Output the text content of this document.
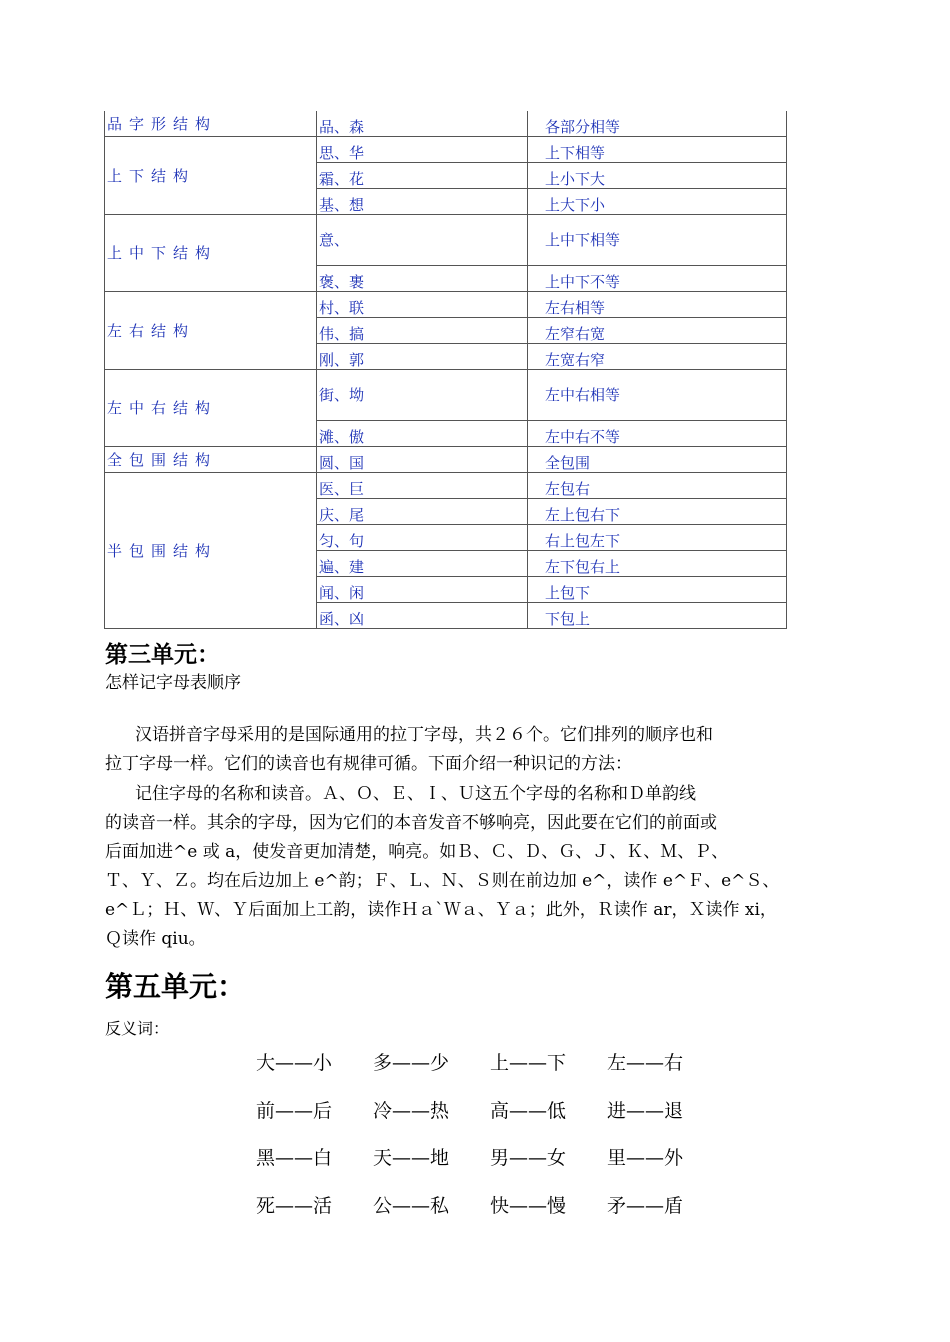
品字形结构	品、森	各部分相等
上下结构	思、华	上下相等
	霜、花	上小下大
	基、想	上大下小
上中下结构	意、	上中下相等
	褒、裹	上中下不等
左右结构	村、联	左右相等
	伟、搞	左窄右宽
	刚、郭	左宽右窄
左中右结构	街、坳	左中右相等
	滩、傲	左中右不等
全包围结构	圆、国	全包围
半包围结构	医、巨	左包右
	庆、尾	左上包右下
	匀、句	右上包左下
	遍、建	左下包右上
	闻、闲	上包下
	函、凶	下包上
第三单元：
怎样记字母表顺序
汉语拼音字母采用的是国际通用的拉丁字母，共２６个。它们排列的顺序也和
拉丁字母一样。它们的读音也有规律可循。下面介绍一种识记的方法：
记住字母的名称和读音。Ａ、Ｏ、Ｅ、Ｉ、Ｕ这五个字母的名称和Ｄ单韵线
的读音一样。其余的字母，因为它们的本音发音不够响亮，因此要在它们的前面或
后面加进^e 或 a，使发音更加清楚，响亮。如Ｂ、Ｃ、Ｄ、Ｇ、Ｊ、Ｋ、Ｍ、Ｐ、
Ｔ、Ｙ、Ｚ。均在后边加上 e^韵；Ｆ、Ｌ、Ｎ、Ｓ则在前边加 e^，读作 e^Ｆ、e^Ｓ、
e^Ｌ；Ｈ、Ｗ、Ｙ后面加上工韵，读作Ｈａ`Ｗａ、Ｙａ；此外，Ｒ读作 ar，Ｘ读作 xi，
Ｑ读作 qiu。
第五单元：
反义词：
大——小	多——少	上——下	左——右
前——后	冷——热	高——低	进——退
黑——白	天——地	男——女	里——外
死——活	公——私	快——慢	矛——盾
